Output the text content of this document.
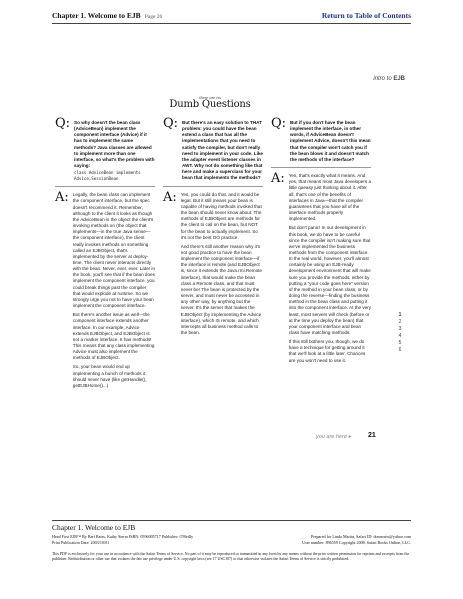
Chapter 1. Welcome to EJB Page 26	Return to Table of Contents
intro to EJB
there are no
Dumb Questions
Q: So why doesn't the bean class (AdviceBean) implement the component interface (Advice) if it has to implement the same methods? Java classes are allowed to implement more than one interface, so what's the problem with saying:
class AdviceBean implements Advice,SessionBean
A: Legally, the bean class can implement the component interface, but the spec doesn't recommend it. Remember, although to the client it looks as though the AdviceBean is the object the client's invoking methods on (the object that implements—in the true Java sense—the component interface), the client really invokes methods on something called an EJBObject, that's implemented by the server at deploy-time. The client never interacts directly with the bean. Never, ever, ever. Later in the book, you'll see that if the bean does implement the component interface, you could break things past the compiler that would explode at runtime. So we strongly urge you not to have your bean implement the component interface.
But there's another issue as well—the component interface extends another interface. In our example, Advice extends EJBObject, and EJBObject is not a marker interface. It has methods! This means that any class implementing Advice must also implement the methods of EJBObject.
So, your bean would end up implementing a bunch of methods it should never have (like getHandle(), getEJBHome()...)
Q: But there's an easy solution to THAT problem: you could have the bean extend a class that has all the implementations that you need to satisfy the compiler, but don't really need to implement in your code. Like the adapter event listener classes in AWT. Why not do something like that here and make a superclass for your bean that implements the methods?
A: Yes, you could do that, and it would be legal. But it still means your bean is capable of having methods invoked that the bean should never know about. The methods of EJBObject are methods for the client to call on the bean, but NOT for the bean to actually implement. So it's not the best OO practice.
And there's still another reason why it's not good practice to have the bean implement the component interface—if the interface is remote (and EJBObject is, since it extends the Java.rmi.Remote interface), that would make the bean class a Remote class, and that must never be! The bean is protected by the server, and must never be accessed in any other way, by anything but the server. It's the server that makes the EJBObject (by implementing the Advice interface), which IS remote, and which intercepts all business method calls to the bean.
Q: But if you don't have the bean implement the interface, in other words, if AdviceBean doesn't implement Advice, doesn't this mean that the compiler won't catch you if the bean blows it and doesn't match the methods of the interface?
A: Yes, that's exactly what it means. And yes, that means most Java developers a little queasy just thinking about it. After all, that's one of the benefits of interfaces in Java—that the compiler guarantees that you have all of the interface methods properly implemented.
But don't panic! In our development in this book, we do have to be careful since the compiler isn't making sure that we've implemented the business methods from the component interface. In the real world, however, you'll almost certainly be using an EJB-ready development environment that will make sure you provide the methods, either by putting a "your code goes here" version of the method in your bean class, or by doing the reverse—finding the business method in the bean class and putting it into the component interface. At the very least, most servers will check (before or at the time you deploy the bean) that your component interface and bean class have matching methods.
If this still bothers you, though, we do have a technique for getting around it that we'll look at a little later. Chances are you won't need to use it.
1
2
3
4
5
6
you are here ▸ 21
Chapter 1. Welcome to EJB
Head First EJB™ By Bert Bates, Kathy Sierra ISBN: 0596005717 Publisher: O'Reilly	Prepared for Linda Martin, Safari ID: donnorris@yahoo.com
Print Publication Date: 2003/10/01	User number: 896559 Copyright 2008, Safari Books Online, LLC.
This PDF is exclusively for your use in accordance with the Safari Terms of Service. No part of it may be reproduced or transmitted in any form by any means without the prior written permission for reprints and excerpts from the publisher. Redistribution or other use that violates the fair use privilege under U.S. copyright laws (see 17 USC107) or that otherwise violates the Safari Terms of Service is strictly prohibited.
